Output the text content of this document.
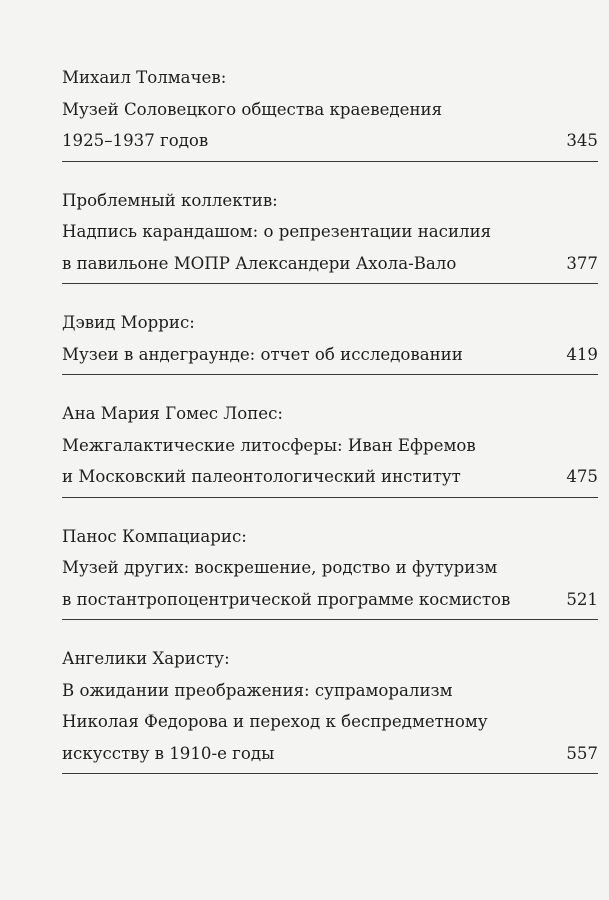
Михаил Толмачев:
Музей Соловецкого общества краеведения
1925–1937 годов	345
Проблемный коллектив:
Надпись карандашом: о репрезентации насилия
в павильоне МОПР Александери Ахола-Вало	377
Дэвид Моррис:
Музеи в андеграунде: отчет об исследовании	419
Ана Мария Гомес Лопес:
Межгалактические литосферы: Иван Ефремов
и Московский палеонтологический институт	475
Панос Компациарис:
Музей других: воскрешение, родство и футуризм
в постантропоцентрической программе космистов	521
Ангелики Харисту:
В ожидании преображения: супраморализм
Николая Федорова и переход к беспредметному
искусству в 1910-е годы	557
